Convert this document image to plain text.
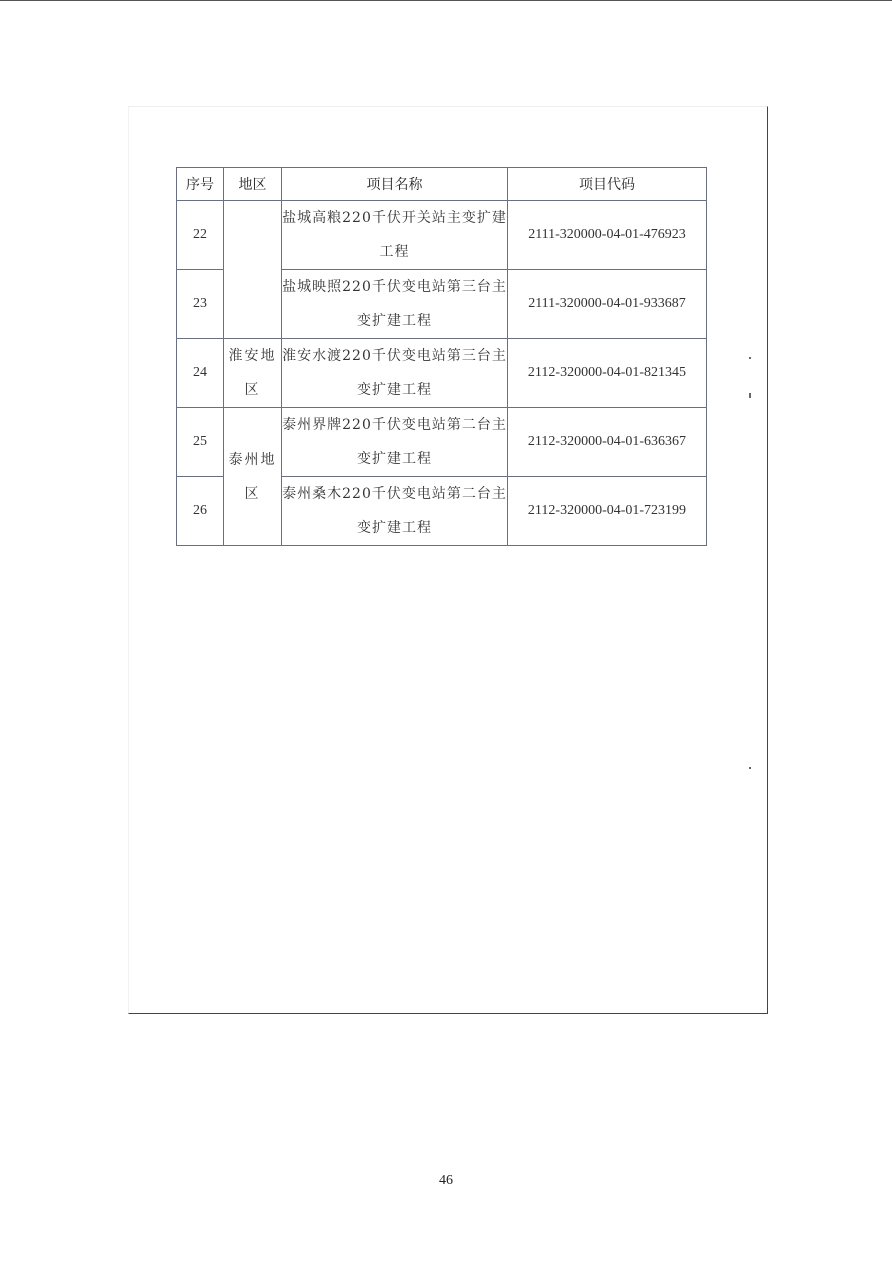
序号	地区	项目名称	项目代码
22		盐城高粮220千伏开关站主变扩建工程	2111-320000-04-01-476923
23		盐城映照220千伏变电站第三台主变扩建工程	2111-320000-04-01-933687
24	淮安地区	淮安水渡220千伏变电站第三台主变扩建工程	2112-320000-04-01-821345
25	泰州地区	泰州界牌220千伏变电站第二台主变扩建工程	2112-320000-04-01-636367
26		泰州桑木220千伏变电站第二台主变扩建工程	2112-320000-04-01-723199
46
